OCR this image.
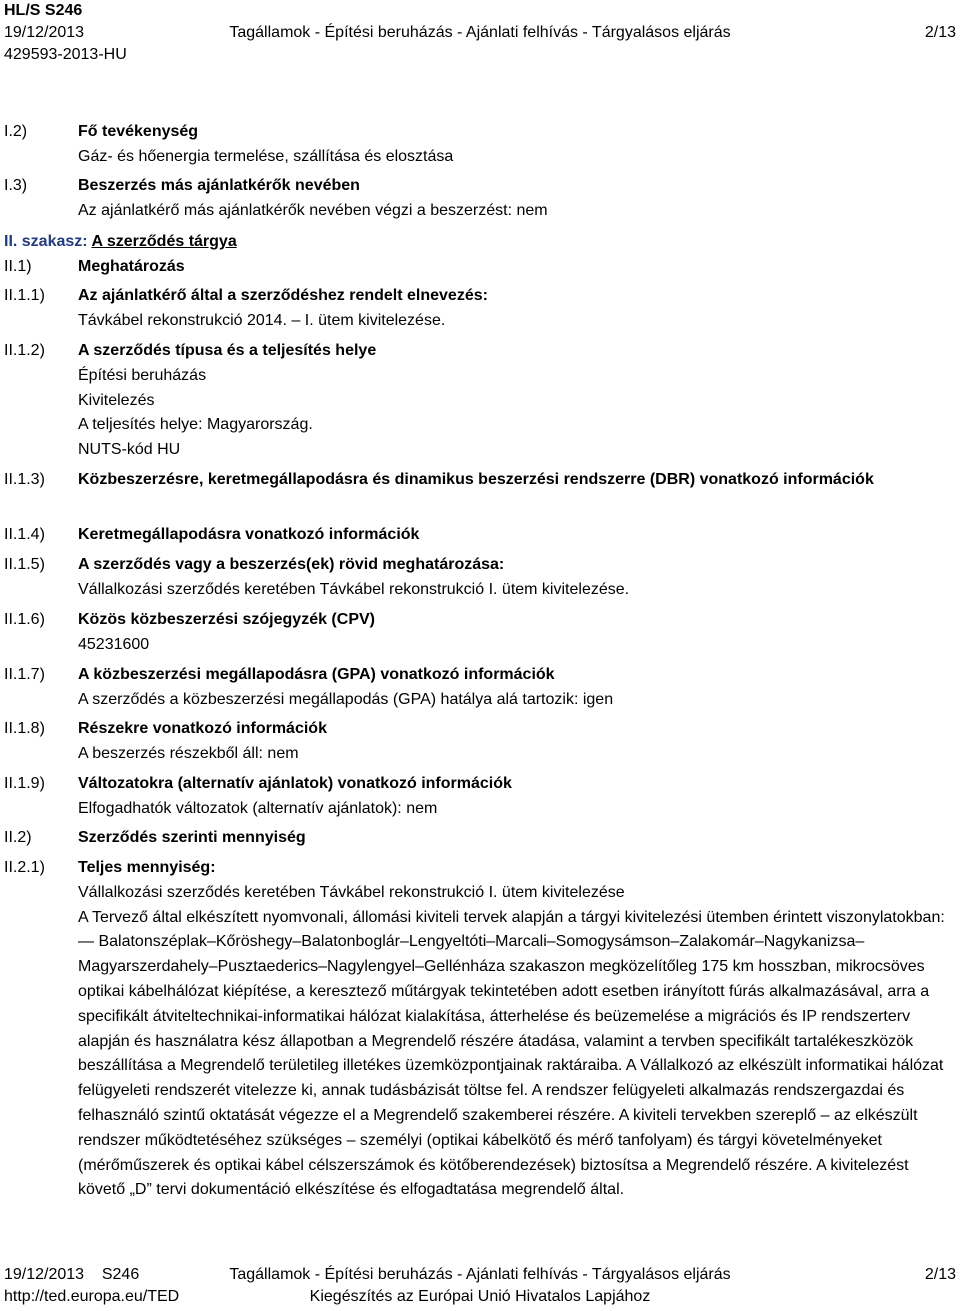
HL/S S246
19/12/2013	Tagállamok - Építési beruházás - Ajánlati felhívás - Tárgyalásos eljárás	2/13
429593-2013-HU
I.2)	Fő tevékenység

Gáz- és hőenergia termelése, szállítása és elosztása

I.3)	Beszerzés más ajánlatkérők nevében

Az ajánlatkérő más ajánlatkérők nevében végzi a beszerzést: nem

II.1)	Meghatározás

II.1.1) Az ajánlatkérő által a szerződéshez rendelt elnevezés:

Távkábel rekonstrukció 2014. – I. ütem kivitelezése.

II.1.2) A szerződés típusa és a teljesítés helye

Építési beruházás

Kivitelezés

A teljesítés helye: Magyarország.

NUTS-kód HU

II.1.3) Közbeszerzésre, keretmegállapodásra és dinamikus beszerzési rendszerre (DBR) vonatkozó információk

II.1.4) Keretmegállapodásra vonatkozó információk

II.1.5) A szerződés vagy a beszerzés(ek) rövid meghatározása:

Vállalkozási szerződés keretében Távkábel rekonstrukció I. ütem kivitelezése.

II.1.6) Közös közbeszerzési szójegyzék (CPV)

45231600

II.1.7) A közbeszerzési megállapodásra (GPA) vonatkozó információk

A szerződés a közbeszerzési megállapodás (GPA) hatálya alá tartozik: igen

II.1.8) Részekre vonatkozó információk

A beszerzés részekből áll: nem

II.1.9) Változatokra (alternatív ajánlatok) vonatkozó információk

Elfogadhatók változatok (alternatív ajánlatok): nem

II.2)	Szerződés szerinti mennyiség

II.2.1) Teljes mennyiség:

Vállalkozási szerződés keretében Távkábel rekonstrukció I. ütem kivitelezése

A Tervező által elkészített nyomvonali, állomási kiviteli tervek alapján a tárgyi kivitelezési ütemben érintett viszonylatokban:

— Balatonszéplak–Kőröshegy–Balatonboglár–Lengyeltóti–Marcali–Somogysámson–Zalakomár–Nagykanizsa–Magyarszerdahely–Pusztaederics–Nagylengyel–Gellénháza szakaszon megközelítőleg 175 km hosszban, mikrocsöves optikai kábelhálózat kiépítése, a keresztező műtárgyak tekintetében adott esetben irányított fúrás alkalmazásával, arra a specifikált átviteltechnikai-informatikai hálózat kialakítása, átterhelése és beüzemelése a migrációs és IP rendszerterv alapján és használatra kész állapotban a Megrendelő részére átadása, valamint a tervben specifikált tartalékeszközök beszállítása a Megrendelő területileg illetékes üzemközpontjainak raktáraiba. A Vállalkozó az elkészült informatikai hálózat felügyeleti rendszerét vitelezze ki, annak tudásbázisát töltse fel. A rendszer felügyeleti alkalmazás rendszergazdai és felhasználó szintű oktatását végezze el a Megrendelő szakemberei részére. A kiviteli tervekben szereplő – az elkészült rendszer működtetéséhez szükséges – személyi (optikai kábelkötő és mérő tanfolyam) és tárgyi követelményeket (mérőműszerek és optikai kábel célszerszámok és kötőberendezések) biztosítsa a Megrendelő részére. A kivitelezést követő „D” tervi dokumentáció elkészítése és elfogadtatása megrendelő által.

II. szakasz: A szerződés tárgya
19/12/2013    S246	Tagállamok - Építési beruházás - Ajánlati felhívás - Tárgyalásos eljárás	2/13
http://ted.europa.eu/TED	Kiegészítés az Európai Unió Hivatalos Lapjához
